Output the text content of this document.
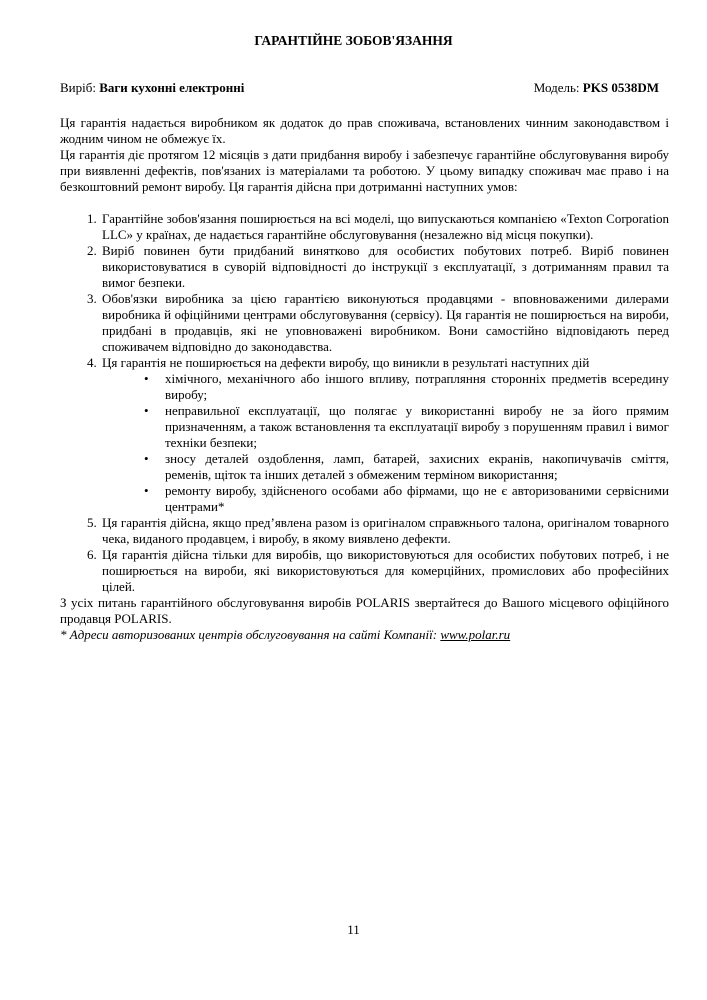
ГАРАНТІЙНЕ ЗОБОВ'ЯЗАННЯ
Виріб: Ваги кухонні електронні	Модель: PKS 0538DM

Ця гарантія надається виробником як додаток до прав споживача, встановлених чинним законодавством і жодним чином не обмежує їх.

Ця гарантія діє протягом 12 місяців з дати придбання виробу і забезпечує гарантійне обслуговування виробу при виявленні дефектів, пов'язаних із матеріалами та роботою. У цьому випадку споживач має право і на безкоштовний ремонт виробу. Ця гарантія дійсна при дотриманні наступних умов:

1. Гарантійне зобов'язання поширюється на всі моделі, що випускаються компанією «Texton Corporation LLC» у країнах, де надається гарантійне обслуговування (незалежно від місця покупки).
2. Виріб повинен бути придбаний винятково для особистих побутових потреб. Виріб повинен використовуватися в суворій відповідності до інструкції з експлуатації, з дотриманням правил та вимог безпеки.
3. Обов'язки виробника за цією гарантією виконуються продавцями - вповноваженими дилерами виробника й офіційними центрами обслуговування (сервісу). Ця гарантія не поширюється на вироби, придбані в продавців, які не уповноважені виробником. Вони самостійно відповідають перед споживачем відповідно до законодавства.
4. Ця гарантія не поширюється на дефекти виробу, що виникли в результаті наступних дій
• хімічного, механічного або іншого впливу, потрапляння сторонніх предметів всередину виробу;
• неправильної експлуатації, що полягає у використанні виробу не за його прямим призначенням, а також встановлення та експлуатації виробу з порушенням правил і вимог техніки безпеки;
• зносу деталей оздоблення, ламп, батарей, захисних екранів, накопичувачів сміття, ременів, щіток та інших деталей з обмеженим терміном використання;
• ремонту виробу, здійсненого особами або фірмами, що не є авторизованими сервісними центрами*
5. Ця гарантія дійсна, якщо пред’явлена разом із оригіналом справжнього талона, оригіналом товарного чека, виданого продавцем, і виробу, в якому виявлено дефекти.
6. Ця гарантія дійсна тільки для виробів, що використовуються для особистих побутових потреб, і не поширюється на вироби, які використовуються для комерційних, промислових або професійних цілей.

З усіх питань гарантійного обслуговування виробів POLARIS звертайтеся до Вашого місцевого офіційного продавця POLARIS.

* Адреси авторизованих центрів обслуговування на сайті Компанії: www.polar.ru

11
